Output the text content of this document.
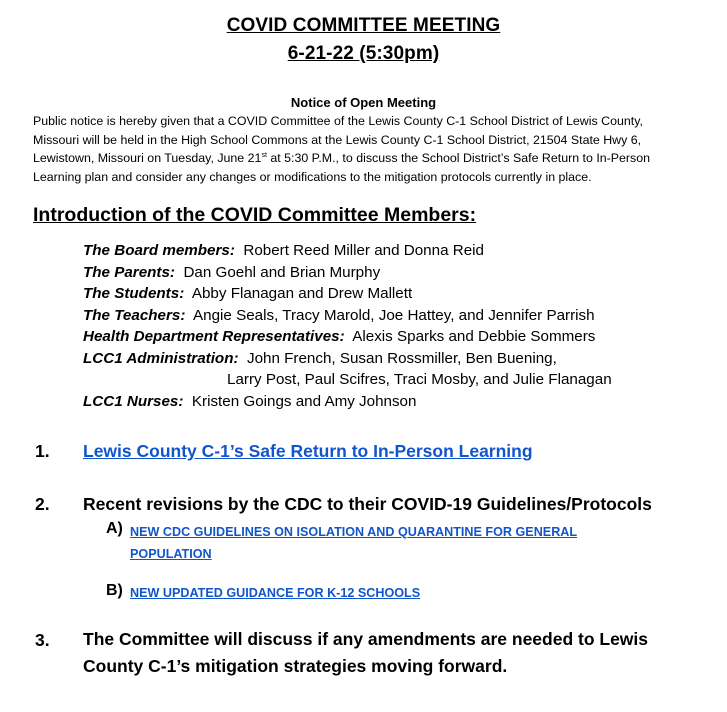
COVID COMMITTEE MEETING
6-21-22 (5:30pm)
Notice of Open Meeting
Public notice is hereby given that a COVID Committee of the Lewis County C-1 School District of Lewis County,
Missouri will be held in the High School Commons at the Lewis County C-1 School District, 21504 State Hwy 6,
Lewistown, Missouri on Tuesday, June 21st at 5:30 P.M., to discuss the School District’s Safe Return to In-Person
Learning plan and consider any changes or modifications to the mitigation protocols currently in place.
Introduction of the COVID Committee Members:
The Board members: Robert Reed Miller and Donna Reid
The Parents: Dan Goehl and Brian Murphy
The Students: Abby Flanagan and Drew Mallett
The Teachers: Angie Seals, Tracy Marold, Joe Hattey, and Jennifer Parrish
Health Department Representatives: Alexis Sparks and Debbie Sommers
LCC1 Administration: John French, Susan Rossmiller, Ben Buening,
Larry Post, Paul Scifres, Traci Mosby, and Julie Flanagan
LCC1 Nurses: Kristen Goings and Amy Johnson
1. Lewis County C-1’s Safe Return to In-Person Learning
2. Recent revisions by the CDC to their COVID-19 Guidelines/Protocols
A) NEW CDC GUIDELINES ON ISOLATION AND QUARANTINE FOR GENERAL
POPULATION
B) NEW UPDATED GUIDANCE FOR K-12 SCHOOLS
3. The Committee will discuss if any amendments are needed to Lewis
County C-1’s mitigation strategies moving forward.
